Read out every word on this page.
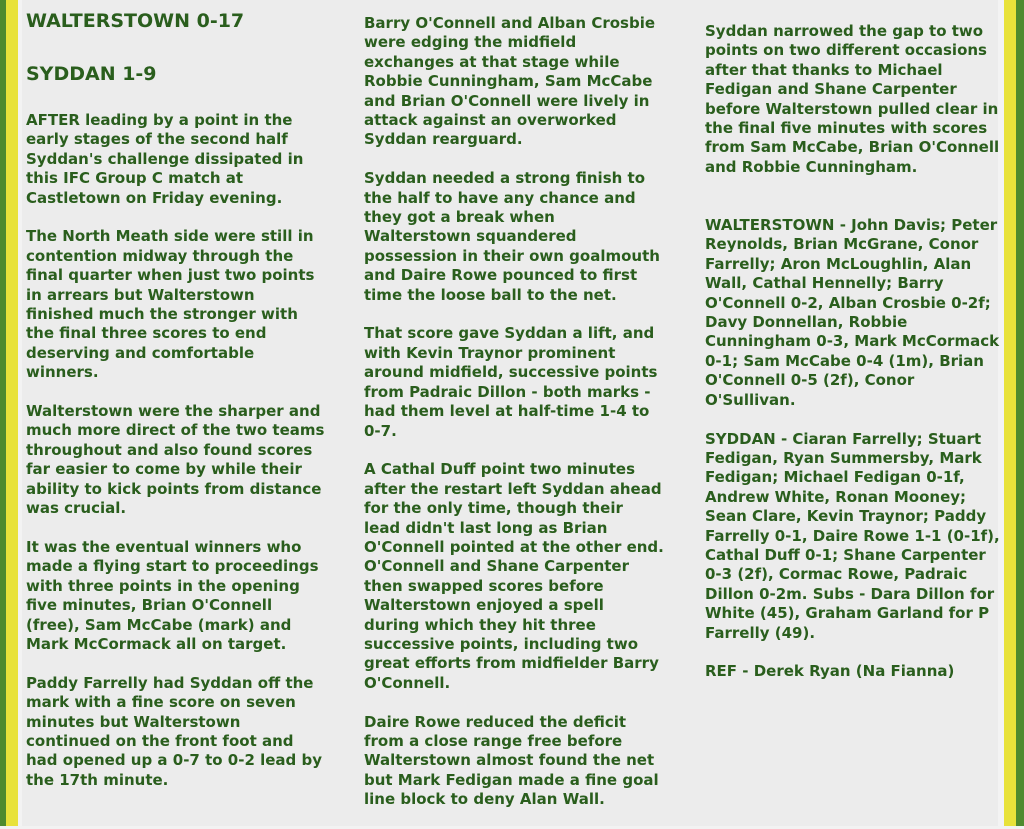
WALTERSTOWN 0-17
SYDDAN 1-9

AFTER leading by a point in the early stages of the second half Syddan's challenge dissipated in this IFC Group C match at Castletown on Friday evening.

The North Meath side were still in contention midway through the final quarter when just two points in arrears but Walterstown finished much the stronger with the final three scores to end deserving and comfortable winners.

Walterstown were the sharper and much more direct of the two teams throughout and also found scores far easier to come by while their ability to kick points from distance was crucial.

It was the eventual winners who made a flying start to proceedings with three points in the opening five minutes, Brian O'Connell (free), Sam McCabe (mark) and Mark McCormack all on target.

Paddy Farrelly had Syddan off the mark with a fine score on seven minutes but Walterstown continued on the front foot and had opened up a 0-7 to 0-2 lead by the 17th minute.

Barry O'Connell and Alban Crosbie were edging the midfield exchanges at that stage while Robbie Cunningham, Sam McCabe and Brian O'Connell were lively in attack against an overworked Syddan rearguard.

Syddan needed a strong finish to the half to have any chance and they got a break when Walterstown squandered possession in their own goalmouth and Daire Rowe pounced to first time the loose ball to the net.

That score gave Syddan a lift, and with Kevin Traynor prominent around midfield, successive points from Padraic Dillon - both marks - had them level at half-time 1-4 to 0-7.

A Cathal Duff point two minutes after the restart left Syddan ahead for the only time, though their lead didn't last long as Brian O'Connell pointed at the other end. O'Connell and Shane Carpenter then swapped scores before Walterstown enjoyed a spell during which they hit three successive points, including two great efforts from midfielder Barry O'Connell.

Daire Rowe reduced the deficit from a close range free before Walterstown almost found the net but Mark Fedigan made a fine goal line block to deny Alan Wall.

Syddan narrowed the gap to two points on two different occasions after that thanks to Michael Fedigan and Shane Carpenter before Walterstown pulled clear in the final five minutes with scores from Sam McCabe, Brian O'Connell and Robbie Cunningham.

WALTERSTOWN - John Davis; Peter Reynolds, Brian McGrane, Conor Farrelly; Aron McLoughlin, Alan Wall, Cathal Hennelly; Barry O'Connell 0-2, Alban Crosbie 0-2f; Davy Donnellan, Robbie Cunningham 0-3, Mark McCormack 0-1; Sam McCabe 0-4 (1m), Brian O'Connell 0-5 (2f), Conor O'Sullivan.

SYDDAN - Ciaran Farrelly; Stuart Fedigan, Ryan Summersby, Mark Fedigan; Michael Fedigan 0-1f, Andrew White, Ronan Mooney; Sean Clare, Kevin Traynor; Paddy Farrelly 0-1, Daire Rowe 1-1 (0-1f), Cathal Duff 0-1; Shane Carpenter 0-3 (2f), Cormac Rowe, Padraic Dillon 0-2m. Subs - Dara Dillon for White (45), Graham Garland for P Farrelly (49).

REF - Derek Ryan (Na Fianna)
